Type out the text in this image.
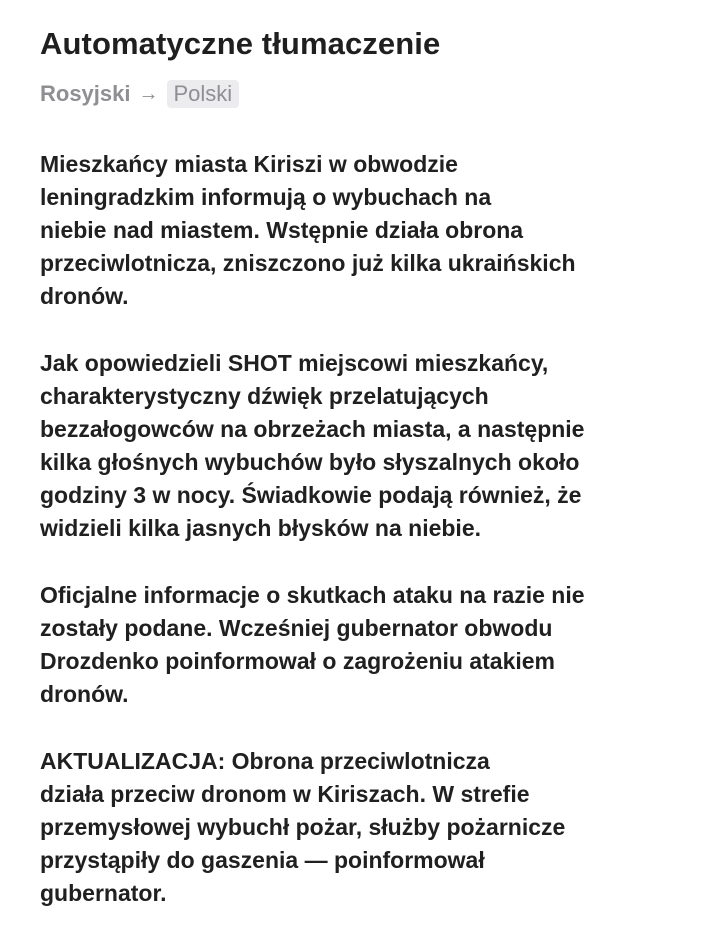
Automatyczne tłumaczenie
Rosyjski → Polski

Mieszkańcy miasta Kiriszi w obwodzie
leningradzkim informują o wybuchach na
niebie nad miastem. Wstępnie działa obrona
przeciwlotnicza, zniszczono już kilka ukraińskich
dronów.

Jak opowiedzieli SHOT miejscowi mieszkańcy,
charakterystyczny dźwięk przelatujących
bezzałogowców na obrzeżach miasta, a następnie
kilka głośnych wybuchów było słyszalnych około
godziny 3 w nocy. Świadkowie podają również, że
widzieli kilka jasnych błysków na niebie.

Oficjalne informacje o skutkach ataku na razie nie
zostały podane. Wcześniej gubernator obwodu
Drozdenko poinformował o zagrożeniu atakiem
dronów.

AKTUALIZACJA: Obrona przeciwlotnicza
działa przeciw dronom w Kiriszach. W strefie
przemysłowej wybuchł pożar, służby pożarnicze
przystąpiły do gaszenia — poinformował
gubernator.
